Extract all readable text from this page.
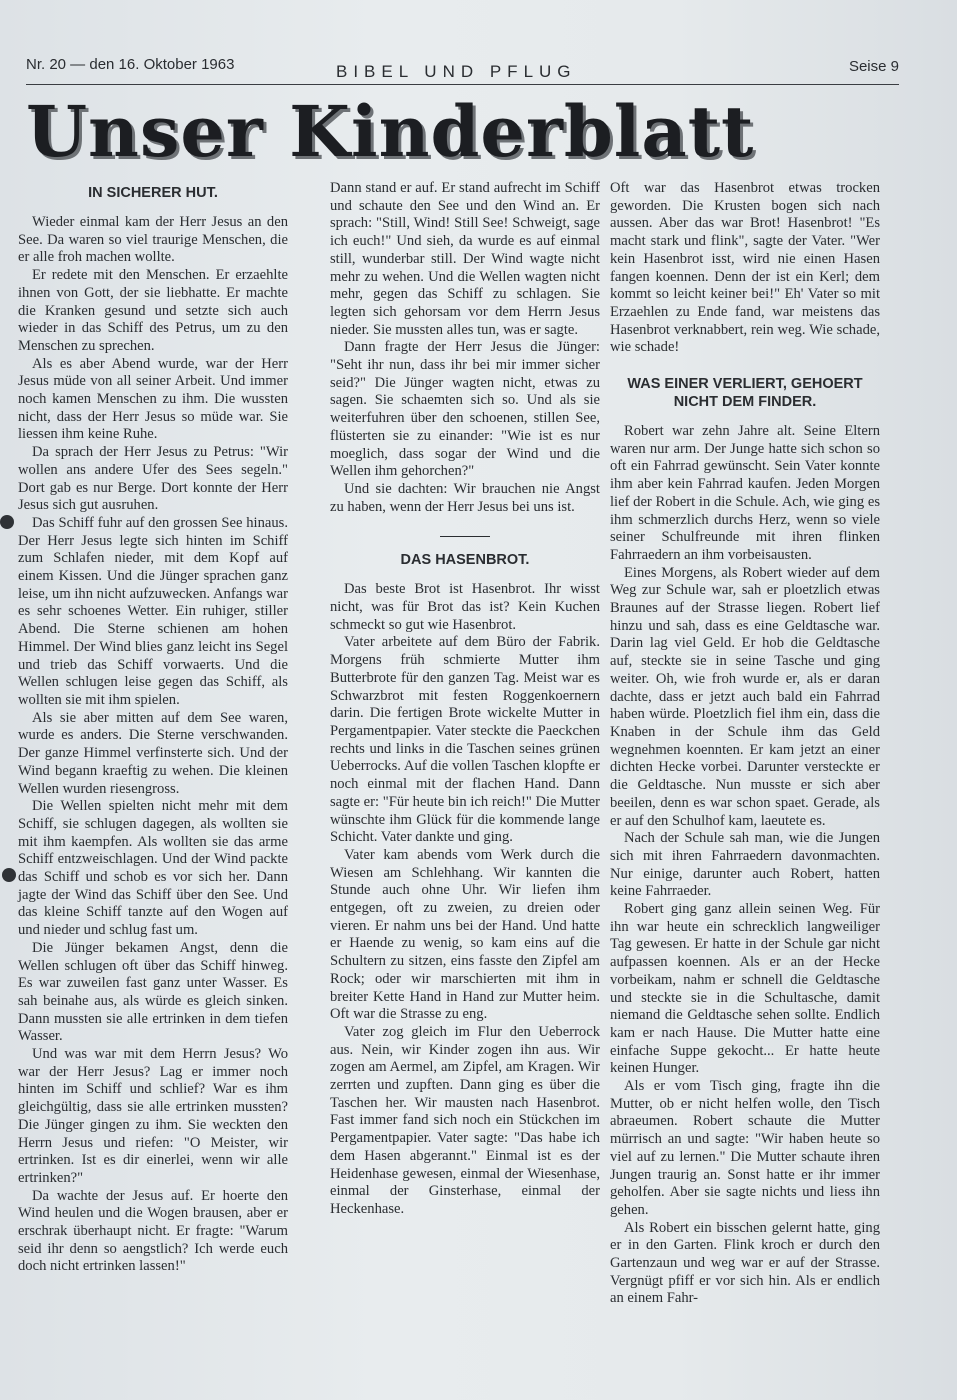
Nr. 20 — den 16. Oktober 1963	BIBEL UND PFLUG	Seise 9
Unser Kinderblatt
IN SICHERER HUT.

Wieder einmal kam der Herr Jesus an den See. Da waren so viel traurige Menschen, die er alle froh machen wollte.

Er redete mit den Menschen. Er erzaehlte ihnen von Gott, der sie liebhatte. Er machte die Kranken gesund und setzte sich auch wieder in das Schiff des Petrus, um zu den Menschen zu sprechen.

Als es aber Abend wurde, war der Herr Jesus müde von all seiner Arbeit. Und immer noch kamen Menschen zu ihm. Die wussten nicht, dass der Herr Jesus so müde war. Sie liessen ihm keine Ruhe.

Da sprach der Herr Jesus zu Petrus: "Wir wollen ans andere Ufer des Sees segeln." Dort gab es nur Berge. Dort konnte der Herr Jesus sich gut ausruhen.

Das Schiff fuhr auf den grossen See hinaus. Der Herr Jesus legte sich hinten im Schiff zum Schlafen nieder, mit dem Kopf auf einem Kissen. Und die Jünger sprachen ganz leise, um ihn nicht aufzuwecken. Anfangs war es sehr schoenes Wetter. Ein ruhiger, stiller Abend. Die Sterne schienen am hohen Himmel. Der Wind blies ganz leicht ins Segel und trieb das Schiff vorwaerts. Und die Wellen schlugen leise gegen das Schiff, als wollten sie mit ihm spielen.

Als sie aber mitten auf dem See waren, wurde es anders. Die Sterne verschwanden. Der ganze Himmel verfinsterte sich. Und der Wind begann kraeftig zu wehen. Die kleinen Wellen wurden riesengross.

Die Wellen spielten nicht mehr mit dem Schiff, sie schlugen dagegen, als wollten sie mit ihm kaempfen. Als wollten sie das arme Schiff entzweischlagen. Und der Wind packte das Schiff und schob es vor sich her. Dann jagte der Wind das Schiff über den See. Und das kleine Schiff tanzte auf den Wogen auf und nieder und schlug fast um.

Die Jünger bekamen Angst, denn die Wellen schlugen oft über das Schiff hinweg. Es war zuweilen fast ganz unter Wasser. Es sah beinahe aus, als würde es gleich sinken. Dann mussten sie alle ertrinken in dem tiefen Wasser.

Und was war mit dem Herrn Jesus? Wo war der Herr Jesus? Lag er immer noch hinten im Schiff und schlief? War es ihm gleichgültig, dass sie alle ertrinken mussten? Die Jünger gingen zu ihm. Sie weckten den Herrn Jesus und riefen: "O Meister, wir ertrinken. Ist es dir einerlei, wenn wir alle ertrinken?"

Da wachte der Jesus auf. Er hoerte den Wind heulen und die Wogen brausen, aber er erschrak überhaupt nicht. Er fragte: "Warum seid ihr denn so aengstlich? Ich werde euch doch nicht ertrinken lassen!"

Dann stand er auf. Er stand aufrecht im Schiff und schaute den See und den Wind an. Er sprach: "Still, Wind! Still See! Schweigt, sage ich euch!" Und sieh, da wurde es auf einmal still, wunderbar still. Der Wind wagte nicht mehr zu wehen. Und die Wellen wagten nicht mehr, gegen das Schiff zu schlagen. Sie legten sich gehorsam vor dem Herrn Jesus nieder. Sie mussten alles tun, was er sagte.

Dann fragte der Herr Jesus die Jünger: "Seht ihr nun, dass ihr bei mir immer sicher seid?" Die Jünger wagten nicht, etwas zu sagen. Sie schaemten sich so. Und als sie weiterfuhren über den schoenen, stillen See, flüsterten sie zu einander: "Wie ist es nur moeglich, dass sogar der Wind und die Wellen ihm gehorchen?"

Und sie dachten: Wir brauchen nie Angst zu haben, wenn der Herr Jesus bei uns ist.

DAS HASENBROT.

Das beste Brot ist Hasenbrot. Ihr wisst nicht, was für Brot das ist? Kein Kuchen schmeckt so gut wie Hasenbrot.

Vater arbeitete auf dem Büro der Fabrik. Morgens früh schmierte Mutter ihm Butterbrote für den ganzen Tag. Meist war es Schwarzbrot mit festen Roggenkoernern darin. Die fertigen Brote wickelte Mutter in Pergamentpapier. Vater steckte die Paeckchen rechts und links in die Taschen seines grünen Ueberrocks. Auf die vollen Taschen klopfte er noch einmal mit der flachen Hand. Dann sagte er: "Für heute bin ich reich!" Die Mutter wünschte ihm Glück für die kommende lange Schicht. Vater dankte und ging.

Vater kam abends vom Werk durch die Wiesen am Schlehhang. Wir kannten die Stunde auch ohne Uhr. Wir liefen ihm entgegen, oft zu zweien, zu dreien oder vieren. Er nahm uns bei der Hand. Und hatte er Haende zu wenig, so kam eins auf die Schultern zu sitzen, eins fasste den Zipfel am Rock; oder wir marschierten mit ihm in breiter Kette Hand in Hand zur Mutter heim. Oft war die Strasse zu eng.

Vater zog gleich im Flur den Ueberrock aus. Nein, wir Kinder zogen ihn aus. Wir zogen am Aermel, am Zipfel, am Kragen. Wir zerrten und zupften. Dann ging es über die Taschen her. Wir mausten nach Hasenbrot. Fast immer fand sich noch ein Stückchen im Pergamentpapier. Vater sagte: "Das habe ich dem Hasen abgerannt." Einmal ist es der Heidenhase gewesen, einmal der Wiesenhase, einmal der Ginsterhase, einmal der Heckenhase.

Oft war das Hasenbrot etwas trocken geworden. Die Krusten bogen sich nach aussen. Aber das war Brot! Hasenbrot! "Es macht stark und flink", sagte der Vater. "Wer kein Hasenbrot isst, wird nie einen Hasen fangen koennen. Denn der ist ein Kerl; dem kommt so leicht keiner bei!" Eh' Vater so mit Erzaehlen zu Ende fand, war meistens das Hasenbrot verknabbert, rein weg. Wie schade, wie schade!

WAS EINER VERLIERT, GEHOERT NICHT DEM FINDER.

Robert war zehn Jahre alt. Seine Eltern waren nur arm. Der Junge hatte sich schon so oft ein Fahrrad gewünscht. Sein Vater konnte ihm aber kein Fahrrad kaufen. Jeden Morgen lief der Robert in die Schule. Ach, wie ging es ihm schmerzlich durchs Herz, wenn so viele seiner Schulfreunde mit ihren flinken Fahrraedern an ihm vorbeisausten.

Eines Morgens, als Robert wieder auf dem Weg zur Schule war, sah er ploetzlich etwas Braunes auf der Strasse liegen. Robert lief hinzu und sah, dass es eine Geldtasche war. Darin lag viel Geld. Er hob die Geldtasche auf, steckte sie in seine Tasche und ging weiter. Oh, wie froh wurde er, als er daran dachte, dass er jetzt auch bald ein Fahrrad haben würde. Ploetzlich fiel ihm ein, dass die Knaben in der Schule ihm das Geld wegnehmen koennten. Er kam jetzt an einer dichten Hecke vorbei. Darunter versteckte er die Geldtasche. Nun musste er sich aber beeilen, denn es war schon spaet. Gerade, als er auf den Schulhof kam, laeutete es.

Nach der Schule sah man, wie die Jungen sich mit ihren Fahrraedern davonmachten. Nur einige, darunter auch Robert, hatten keine Fahrraeder.

Robert ging ganz allein seinen Weg. Für ihn war heute ein schrecklich langweiliger Tag gewesen. Er hatte in der Schule gar nicht aufpassen koennen. Als er an der Hecke vorbeikam, nahm er schnell die Geldtasche und steckte sie in die Schultasche, damit niemand die Geldtasche sehen sollte. Endlich kam er nach Hause. Die Mutter hatte eine einfache Suppe gekocht... Er hatte heute keinen Hunger.

Als er vom Tisch ging, fragte ihn die Mutter, ob er nicht helfen wolle, den Tisch abraeumen. Robert schaute die Mutter mürrisch an und sagte: "Wir haben heute so viel auf zu lernen." Die Mutter schaute ihren Jungen traurig an. Sonst hatte er ihr immer geholfen. Aber sie sagte nichts und liess ihn gehen.

Als Robert ein bisschen gelernt hatte, ging er in den Garten. Flink kroch er durch den Gartenzaun und weg war er auf der Strasse. Vergnügt pfiff er vor sich hin. Als er endlich an einem Fahr-
